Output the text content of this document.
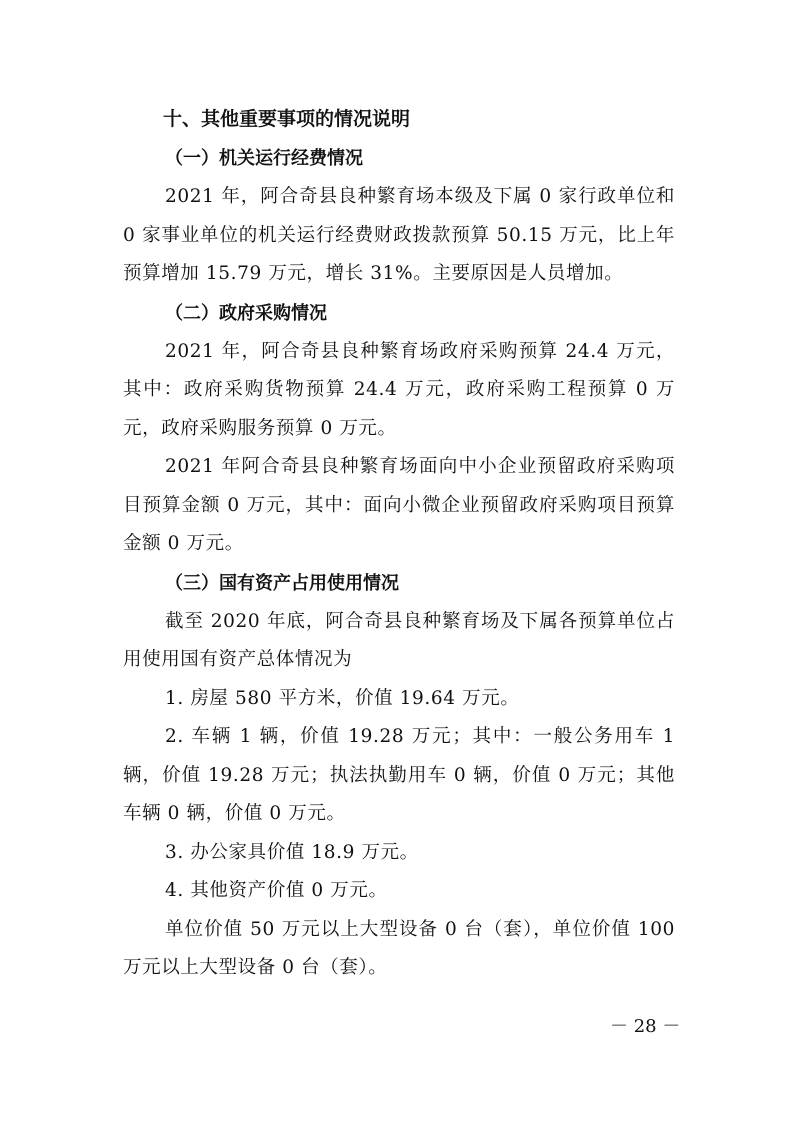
十、其他重要事项的情况说明
（一）机关运行经费情况

2021 年，阿合奇县良种繁育场本级及下属 0 家行政单位和 0 家事业单位的机关运行经费财政拨款预算 50.15 万元，比上年预算增加 15.79 万元，增长 31%。主要原因是人员增加。

（二）政府采购情况

2021 年，阿合奇县良种繁育场政府采购预算 24.4 万元，其中：政府采购货物预算 24.4 万元，政府采购工程预算 0 万元，政府采购服务预算 0 万元。

2021 年阿合奇县良种繁育场面向中小企业预留政府采购项目预算金额 0 万元，其中：面向小微企业预留政府采购项目预算金额 0 万元。

（三）国有资产占用使用情况

截至 2020 年底，阿合奇县良种繁育场及下属各预算单位占用使用国有资产总体情况为

1. 房屋 580 平方米，价值 19.64 万元。

2. 车辆 1 辆，价值 19.28 万元；其中：一般公务用车 1 辆，价值 19.28 万元；执法执勤用车 0 辆，价值 0 万元；其他车辆 0 辆，价值 0 万元。

3. 办公家具价值 18.9 万元。

4. 其他资产价值 0 万元。

单位价值 50 万元以上大型设备 0 台（套），单位价值 100 万元以上大型设备 0 台（套）。

－ 28 －
